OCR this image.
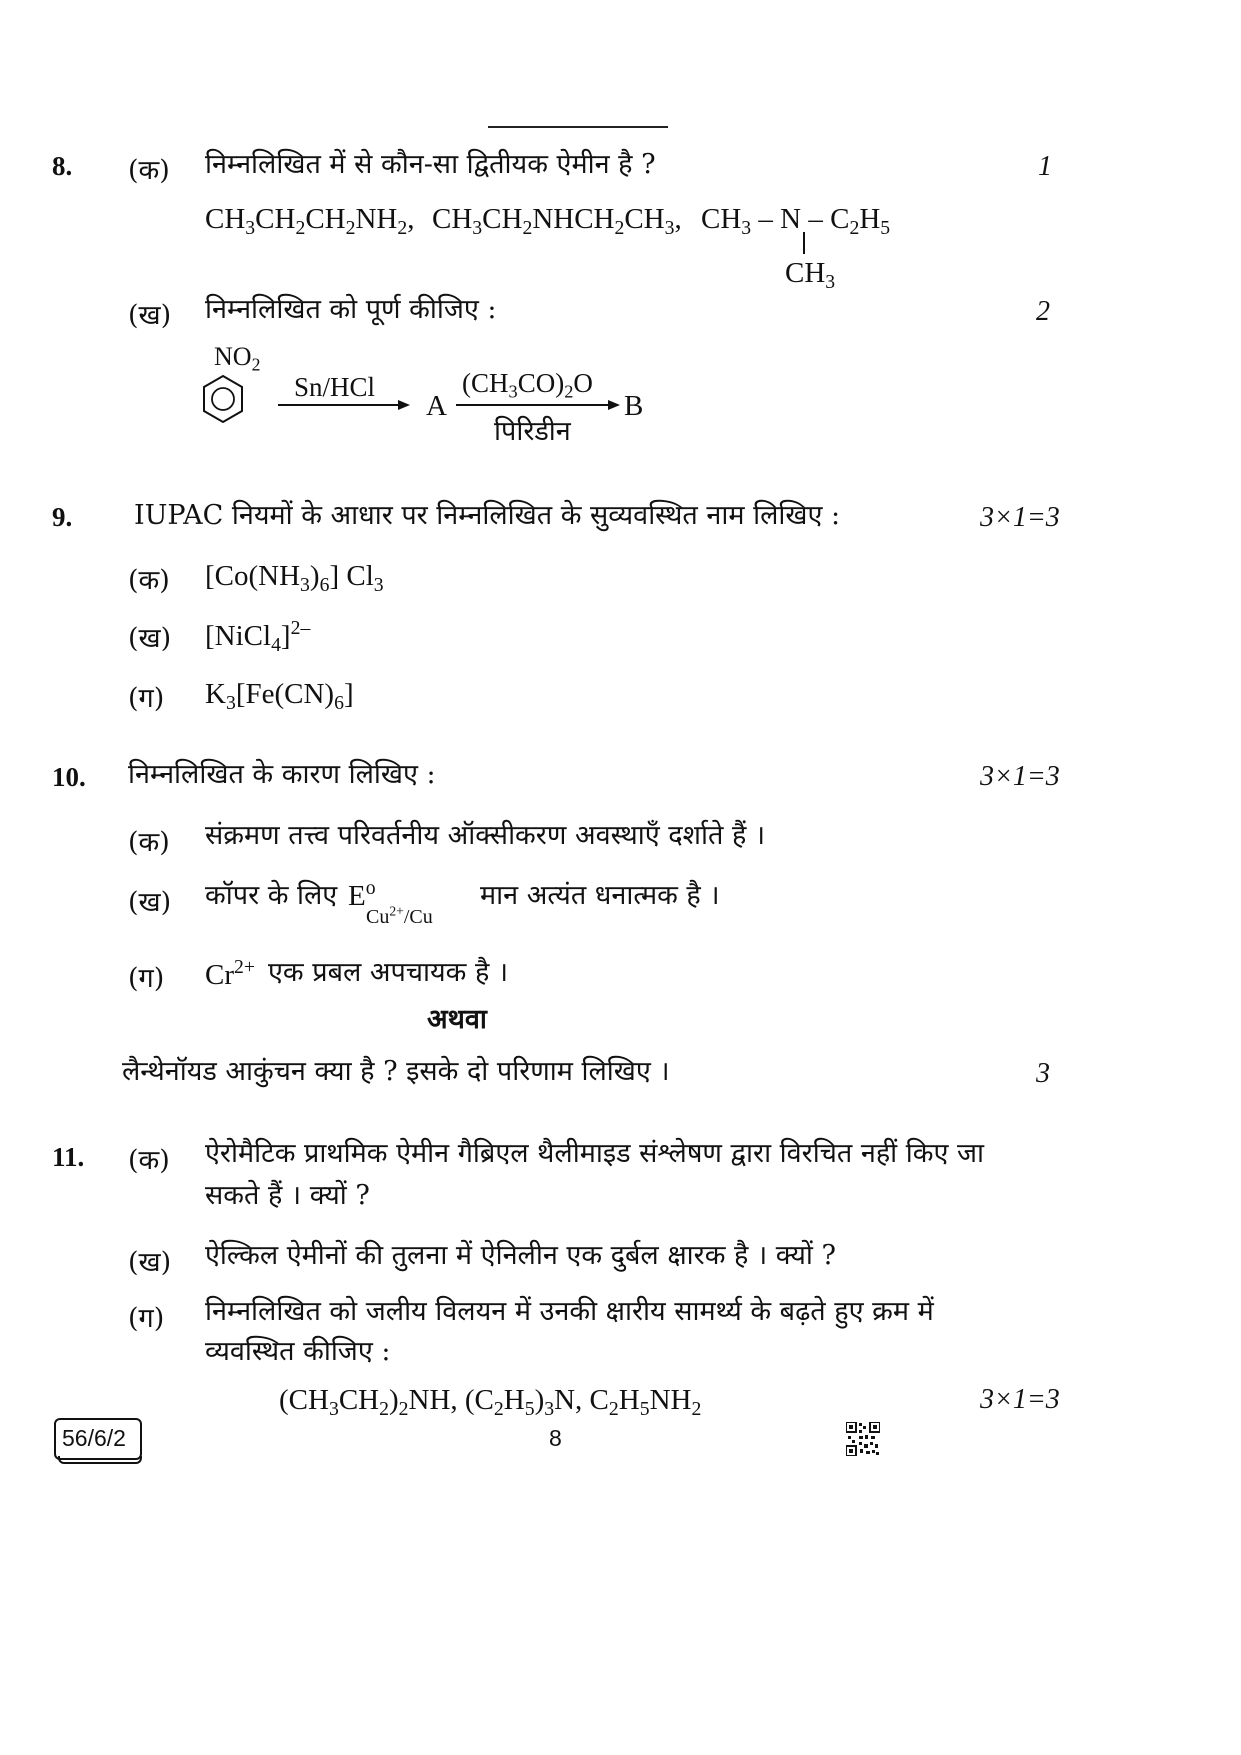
8. (क) निम्नलिखित में से कौन-सा द्वितीयक ऐमीन है ?	1
$CH_3CH_2CH_2NH_2$, $CH_3CH_2NHCH_2CH_3$, $CH_3$ – N – $C_2H_5$
$CH_3$
(ख) निम्नलिखित को पूर्ण कीजिए :	2
$NO_2$
Sn/HCl
A
$(CH_3CO)_2O$
पिरिडीन
B
9. IUPAC नियमों के आधार पर निम्नलिखित के सुव्यवस्थित नाम लिखिए :	3×1=3
(क) $[Co(NH_3)_6]$ $Cl_3$
(ख) [NiCl$_4$]$^{2-}$
(ग) $K_3[Fe(CN)_6]$
10. निम्नलिखित के कारण लिखिए :	3×1=3
(क) संक्रमण तत्त्व परिवर्तनीय ऑक्सीकरण अवस्थाएँ दर्शाते हैं ।
(ख) कॉपर के लिए $E^o$
$Cu^{2+}/Cu$
मान अत्यंत धनात्मक है ।
(ग) $Cr^{2+}$ एक प्रबल अपचायक है ।
अथवा
लैन्थेनॉयड आकुंचन क्या है ? इसके दो परिणाम लिखिए ।	3
11. (क) ऐरोमैटिक प्राथमिक ऐमीन गैब्रिएल थैलीमाइड संश्लेषण द्वारा विरचित नहीं किए जा
सकते हैं । क्यों ?
(ख) ऐल्किल ऐमीनों की तुलना में ऐनिलीन एक दुर्बल क्षारक है । क्यों ?
(ग) निम्नलिखित को जलीय विलयन में उनकी क्षारीय सामर्थ्य के बढ़ते हुए क्रम में
व्यवस्थित कीजिए :
$(CH_3CH_2)_2NH$, $(C_2H_5)_3N$, $C_2H_5NH_2$	3×1=3
56/6/2	8
